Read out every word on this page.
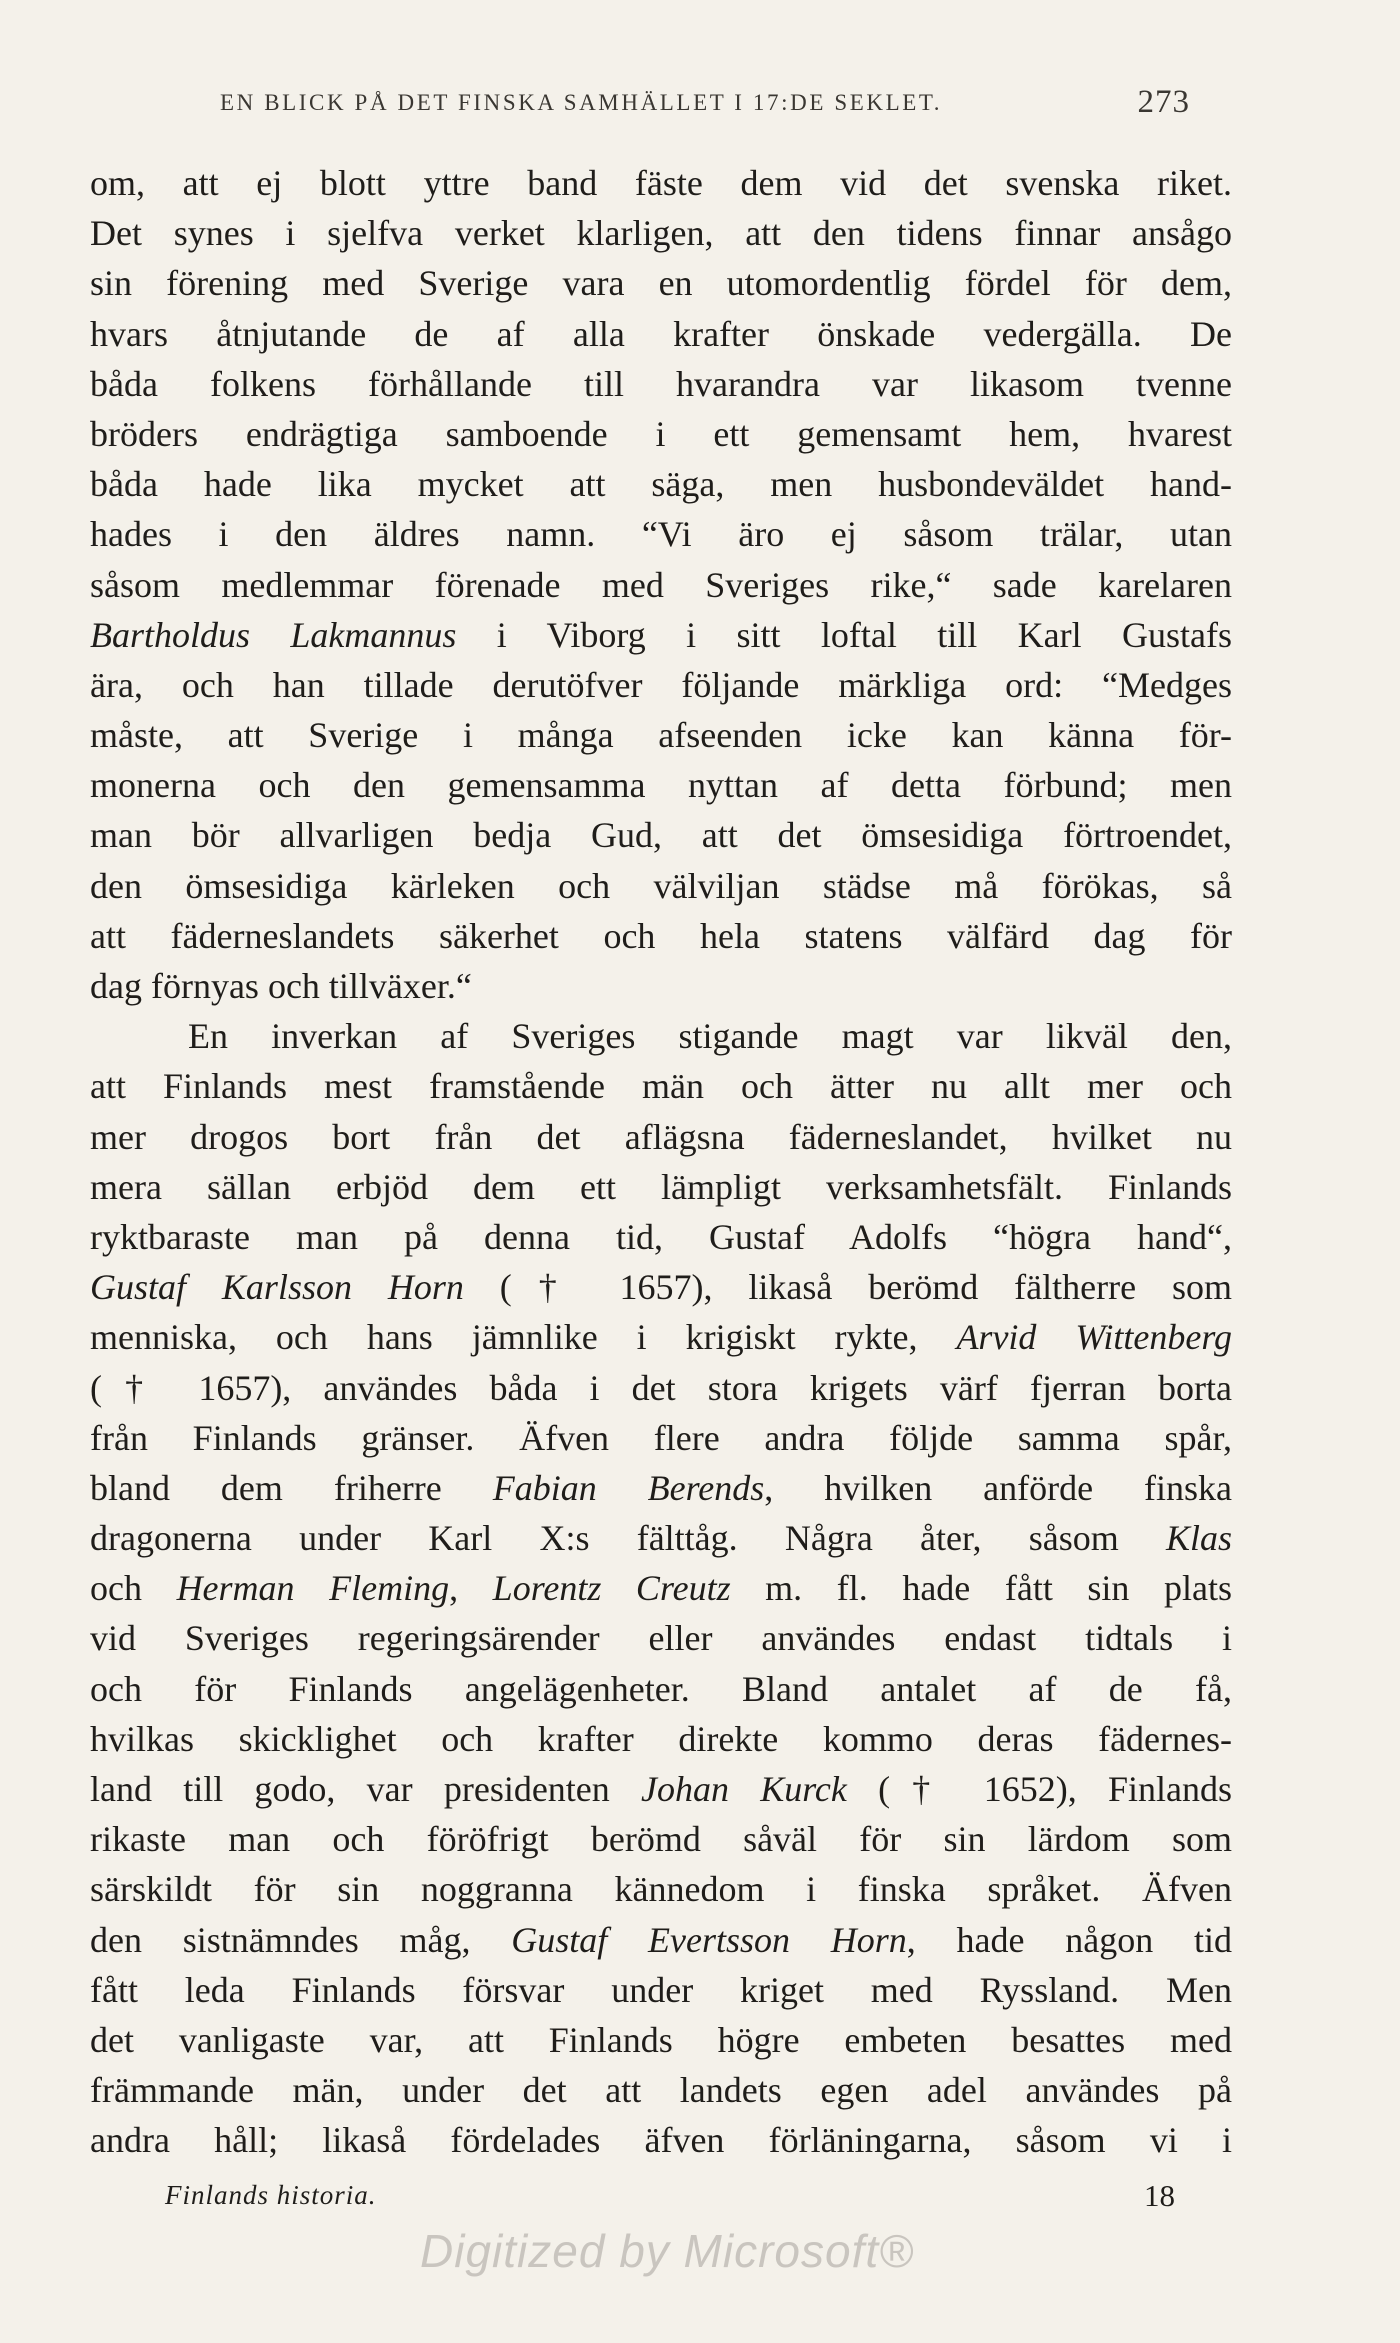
EN BLICK PÅ DET FINSKA SAMHÄLLET I 17:DE SEKLET.	273
om, att ej blott yttre band fäste dem vid det svenska riket.
Det synes i sjelfva verket klarligen, att den tidens finnar ansågo
sin förening med Sverige vara en utomordentlig fördel för dem,
hvars åtnjutande de af alla krafter önskade vedergälla. De
båda folkens förhållande till hvarandra var likasom tvenne
bröders endrägtiga samboende i ett gemensamt hem, hvarest
båda hade lika mycket att säga, men husbondeväldet hand-
hades i den äldres namn. “Vi äro ej såsom trälar, utan
såsom medlemmar förenade med Sveriges rike,“ sade karelaren
Bartholdus Lakmannus i Viborg i sitt loftal till Karl Gustafs
ära, och han tillade derutöfver följande märkliga ord: “Medges
måste, att Sverige i många afseenden icke kan känna för-
monerna och den gemensamma nyttan af detta förbund; men
man bör allvarligen bedja Gud, att det ömsesidiga förtroendet,
den ömsesidiga kärleken och välviljan städse må förökas, så
att fäderneslandets säkerhet och hela statens välfärd dag för
dag förnyas och tillväxer.“
En inverkan af Sveriges stigande magt var likväl den,
att Finlands mest framstående män och ätter nu allt mer och
mer drogos bort från det aflägsna fäderneslandet, hvilket nu
mera sällan erbjöd dem ett lämpligt verksamhetsfält. Finlands
ryktbaraste man på denna tid, Gustaf Adolfs “högra hand“,
Gustaf Karlsson Horn († 1657), likaså berömd fältherre som
menniska, och hans jämnlike i krigiskt rykte, Arvid Wittenberg
(† 1657), användes båda i det stora krigets värf fjerran borta
från Finlands gränser. Äfven flere andra följde samma spår,
bland dem friherre Fabian Berends, hvilken anförde finska
dragonerna under Karl X:s fälttåg. Några åter, såsom Klas
och Herman Fleming, Lorentz Creutz m. fl. hade fått sin plats
vid Sveriges regeringsärender eller användes endast tidtals i
och för Finlands angelägenheter. Bland antalet af de få,
hvilkas skicklighet och krafter direkte kommo deras fädernes-
land till godo, var presidenten Johan Kurck († 1652), Finlands
rikaste man och föröfrigt berömd såväl för sin lärdom som
särskildt för sin noggranna kännedom i finska språket. Äfven
den sistnämndes måg, Gustaf Evertsson Horn, hade någon tid
fått leda Finlands försvar under kriget med Ryssland. Men
det vanligaste var, att Finlands högre embeten besattes med
främmande män, under det att landets egen adel användes på
andra håll; likaså fördelades äfven förläningarna, såsom vi i
Finlands historia.	18
Digitized by Microsoft®
